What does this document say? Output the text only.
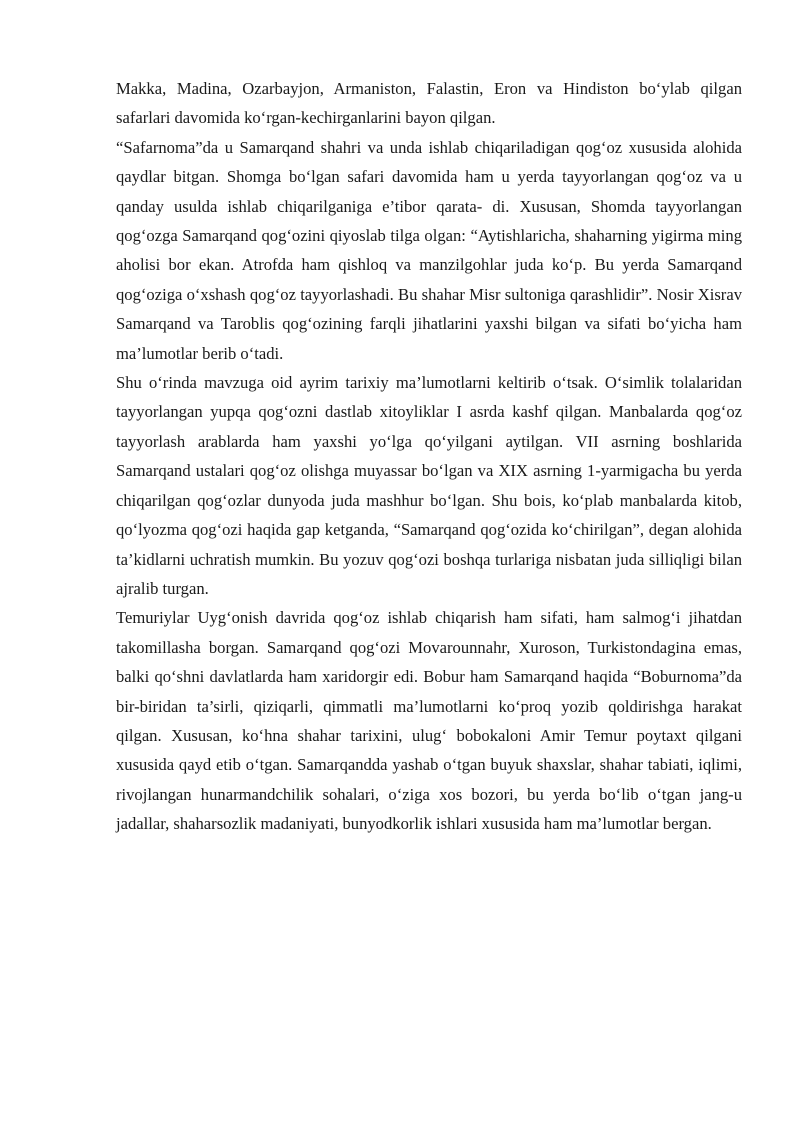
Makka, Madina, Ozarbayjon, Armaniston, Falastin, Eron va Hindiston bo‘ylab qilgan safarlari davomida ko‘rgan-kechirganlarini bayon qilgan.

“Safarnoma”da u Samarqand shahri va unda ishlab chiqariladigan qog‘oz xususida alohida qaydlar bitgan. Shomga bo‘lgan safari davomida ham u yerda tayyorlangan qog‘oz va u qanday usulda ishlab chiqarilganiga e’tibor qarata- di. Xususan, Shomda tayyorlangan qog‘ozga Samarqand qog‘ozini qiyoslab tilga olgan: “Aytishlaricha, shaharning yigirma ming aholisi bor ekan. Atrofda ham qishloq va manzilgohlar juda ko‘p. Bu yerda Samarqand qog‘oziga o‘xshash qog‘oz tayyorlashadi. Bu shahar Misr sultoniga qarashlidir”. Nosir Xisrav Samarqand va Taroblis qog‘ozining farqli jihatlarini yaxshi bilgan va sifati bo‘yicha ham ma’lumotlar berib o‘tadi.

Shu o‘rinda mavzuga oid ayrim tarixiy ma’lumotlarni keltirib o‘tsak. O‘simlik tolalaridan tayyorlangan yupqa qog‘ozni dastlab xitoyliklar I asrda kashf qilgan. Manbalarda qog‘oz tayyorlash arablarda ham yaxshi yo‘lga qo‘yilgani aytilgan. VII asrning boshlarida Samarqand ustalari qog‘oz olishga muyassar bo‘lgan va XIX asrning 1-yarmigacha bu yerda chiqarilgan qog‘ozlar dunyoda juda mashhur bo‘lgan. Shu bois, ko‘plab manbalarda kitob, qo‘lyozma qog‘ozi haqida gap ketganda, “Samarqand qog‘ozida ko‘chirilgan”, degan alohida ta’kidlarni uchratish mumkin. Bu yozuv qog‘ozi boshqa turlariga nisbatan juda silliqligi bilan ajralib turgan.

Temuriylar Uyg‘onish davrida qog‘oz ishlab chiqarish ham sifati, ham salmog‘i jihatdan takomillasha borgan. Samarqand qog‘ozi Movarounnahr, Xuroson, Turkistondagina emas, balki qo‘shni davlatlarda ham xaridorgir edi. Bobur ham Samarqand haqida “Boburnoma”da bir-biridan ta’sirli, qiziqarli, qimmatli ma’lumotlarni ko‘proq yozib qoldirishga harakat qilgan. Xususan, ko‘hna shahar tarixini, ulug‘ bobokaloni Amir Temur poytaxt qilgani xususida qayd etib o‘tgan. Samarqandda yashab o‘tgan buyuk shaxslar, shahar tabiati, iqlimi, rivojlangan hunarmandchilik sohalari, o‘ziga xos bozori, bu yerda bo‘lib o‘tgan jang-u jadallar, shaharsozlik madaniyati, bunyodkorlik ishlari xususida ham ma’lumotlar bergan.
